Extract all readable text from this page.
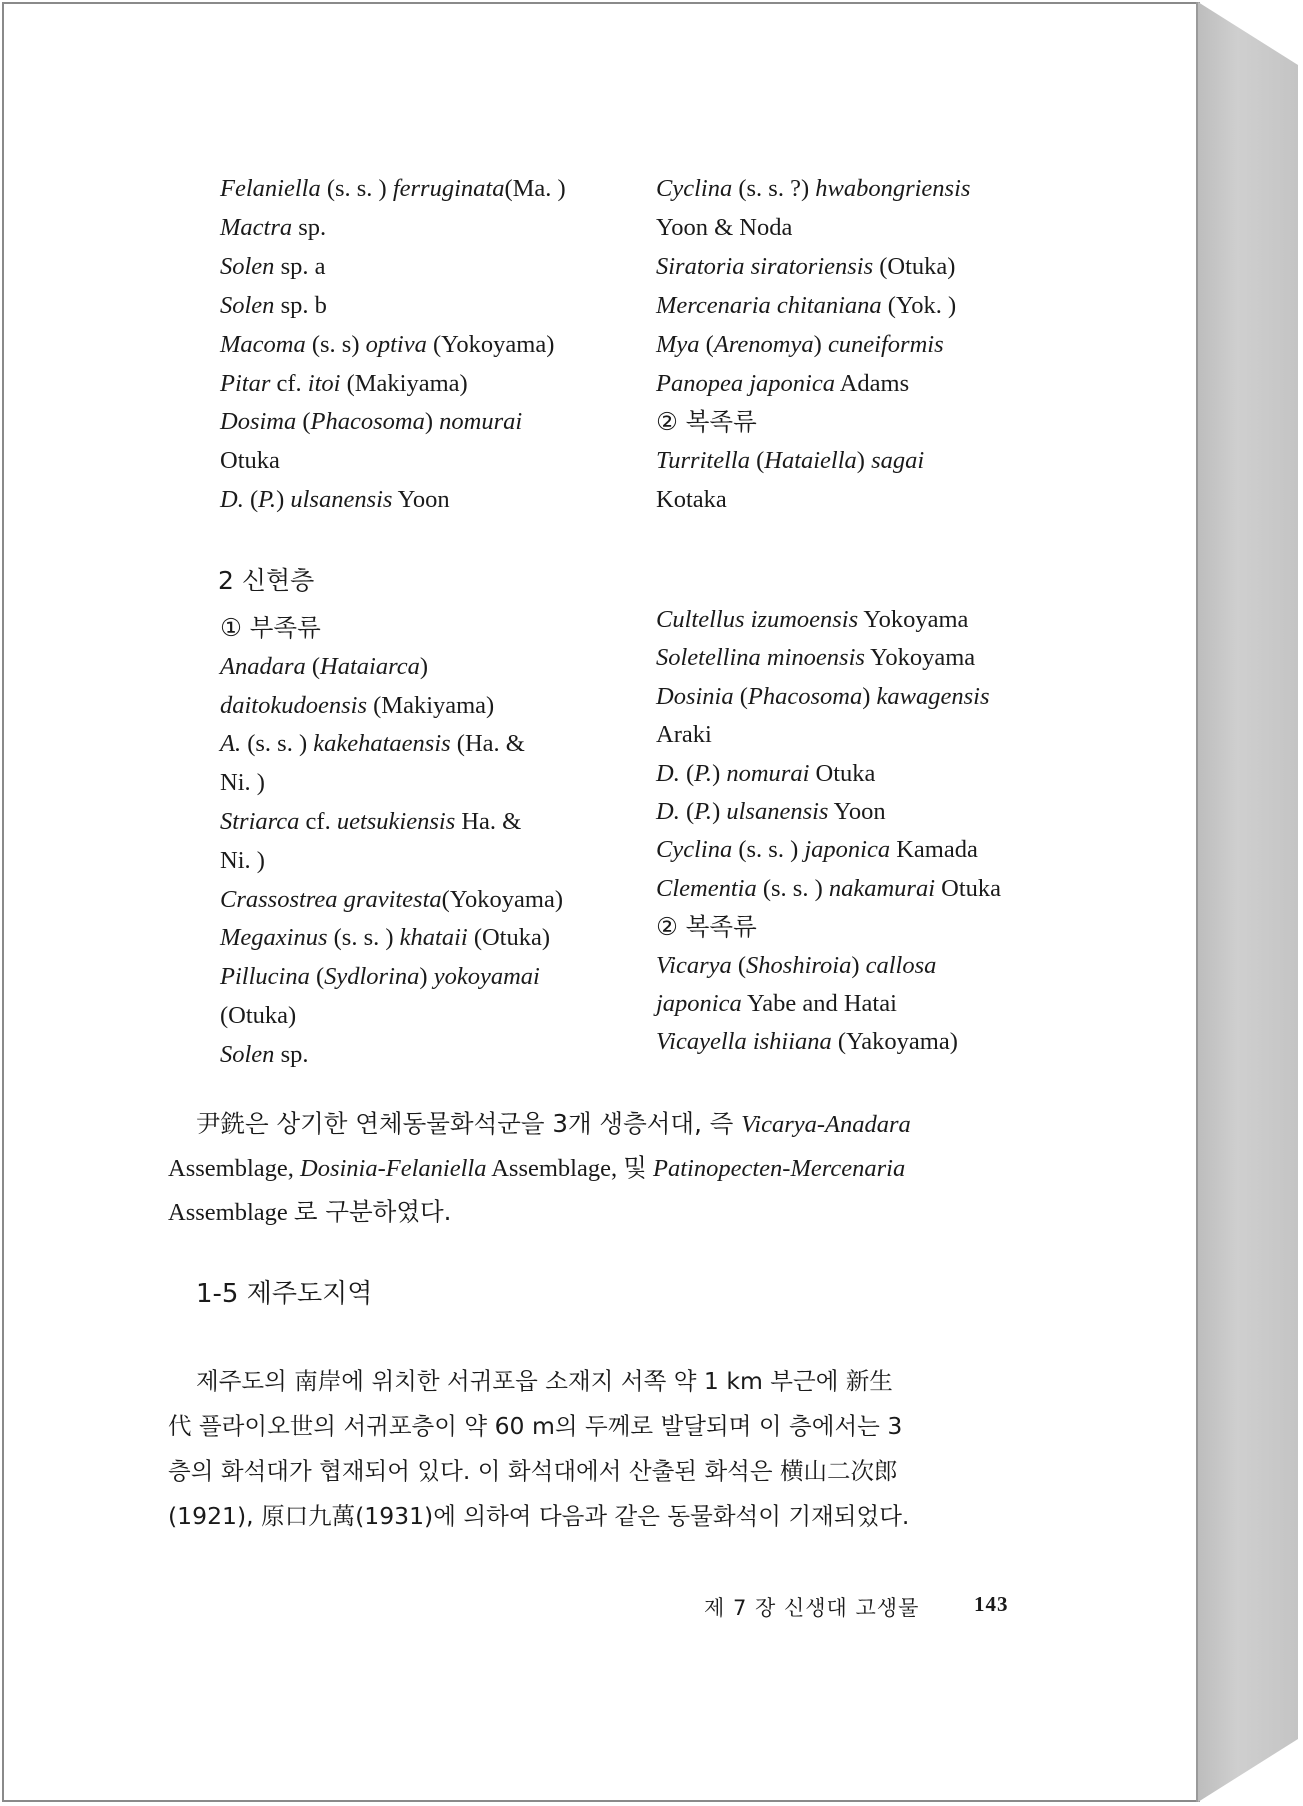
Felaniella (s. s. ) ferruginata(Ma. )
Mactra sp.
Solen sp. a
Solen sp. b
Macoma (s. s) optiva (Yokoyama)
Pitar cf. itoi (Makiyama)
Dosima (Phacosoma) nomurai
Otuka
D. (P.) ulsanensis Yoon
Cyclina (s. s. ?) hwabongriensis
Yoon & Noda
Siratoria siratoriensis (Otuka)
Mercenaria chitaniana (Yok. )
Mya (Arenomya) cuneiformis
Panopea japonica Adams
② 복족류
Turritella (Hataiella) sagai
Kotaka
2 신현층
① 부족류
Anadara (Hataiarca)
daitokudoensis (Makiyama)
A. (s. s. ) kakehataensis (Ha. &
Ni. )
Striarca cf. uetsukiensis Ha. &
Ni. )
Crassostrea gravitesta(Yokoyama)
Megaxinus (s. s. ) khataii (Otuka)
Pillucina (Sydlorina) yokoyamai
(Otuka)
Solen sp.
Cultellus izumoensis Yokoyama
Soletellina minoensis Yokoyama
Dosinia (Phacosoma) kawagensis
Araki
D. (P.) nomurai Otuka
D. (P.) ulsanensis Yoon
Cyclina (s. s. ) japonica Kamada
Clementia (s. s. ) nakamurai Otuka
② 복족류
Vicarya (Shoshiroia) callosa
japonica Yabe and Hatai
Vicayella ishiiana (Yakoyama)
尹銑은 상기한 연체동물화석군을 3개 생층서대, 즉 Vicarya-Anadara
Assemblage, Dosinia-Felaniella Assemblage, 및 Patinopecten-Mercenaria
Assemblage 로 구분하였다.
1-5 제주도지역
제주도의 南岸에 위치한 서귀포읍 소재지 서쪽 약 1 km 부근에 新生
代 플라이오世의 서귀포층이 약 60 m의 두께로 발달되며 이 층에서는 3
층의 화석대가 협재되어 있다. 이 화석대에서 산출된 화석은 横山二次郎
(1921), 原口九萬(1931)에 의하여 다음과 같은 동물화석이 기재되었다.
제 7 장 신생대 고생물	143
